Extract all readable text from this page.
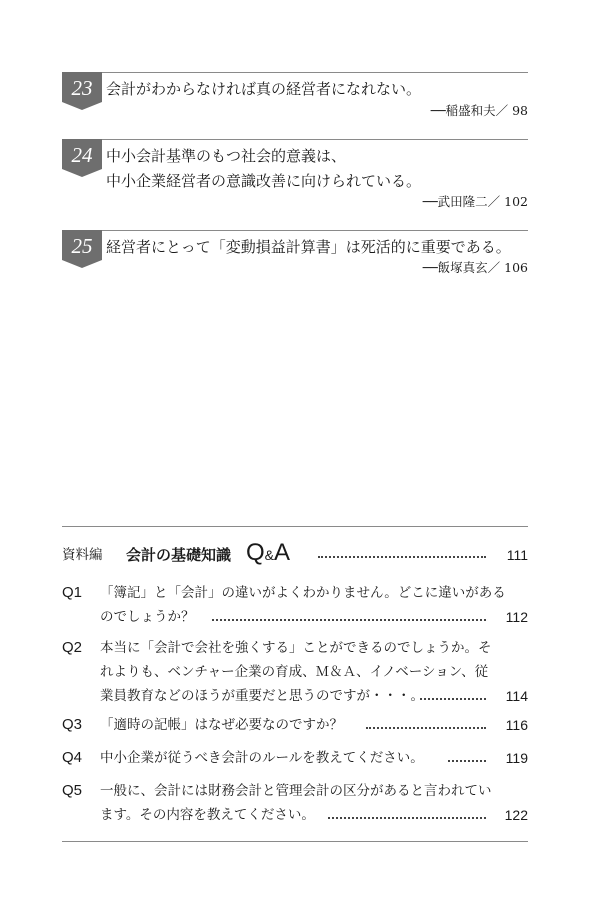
23 会計がわからなければ真の経営者になれない。
──稲盛和夫／ 98
24 中小会計基準のもつ社会的意義は、
中小企業経営者の意識改善に向けられている。
──武田隆二／ 102
25 経営者にとって「変動損益計算書」は死活的に重要である。
──飯塚真玄／ 106
資料編 会計の基礎知識 Q&A	111
Q1 「簿記」と「会計」の違いがよくわかりません。どこに違いがある
のでしょうか？	112
Q2 本当に「会計で会社を強くする」ことができるのでしょうか。そ
れよりも、ベンチャー企業の育成、Ｍ＆Ａ、イノベーション、従
業員教育などのほうが重要だと思うのですが・・・。	114
Q3 「適時の記帳」はなぜ必要なのですか？	116
Q4 中小企業が従うべき会計のルールを教えてください。	119
Q5 一般に、会計には財務会計と管理会計の区分があると言われてい
ます。その内容を教えてください。	122
